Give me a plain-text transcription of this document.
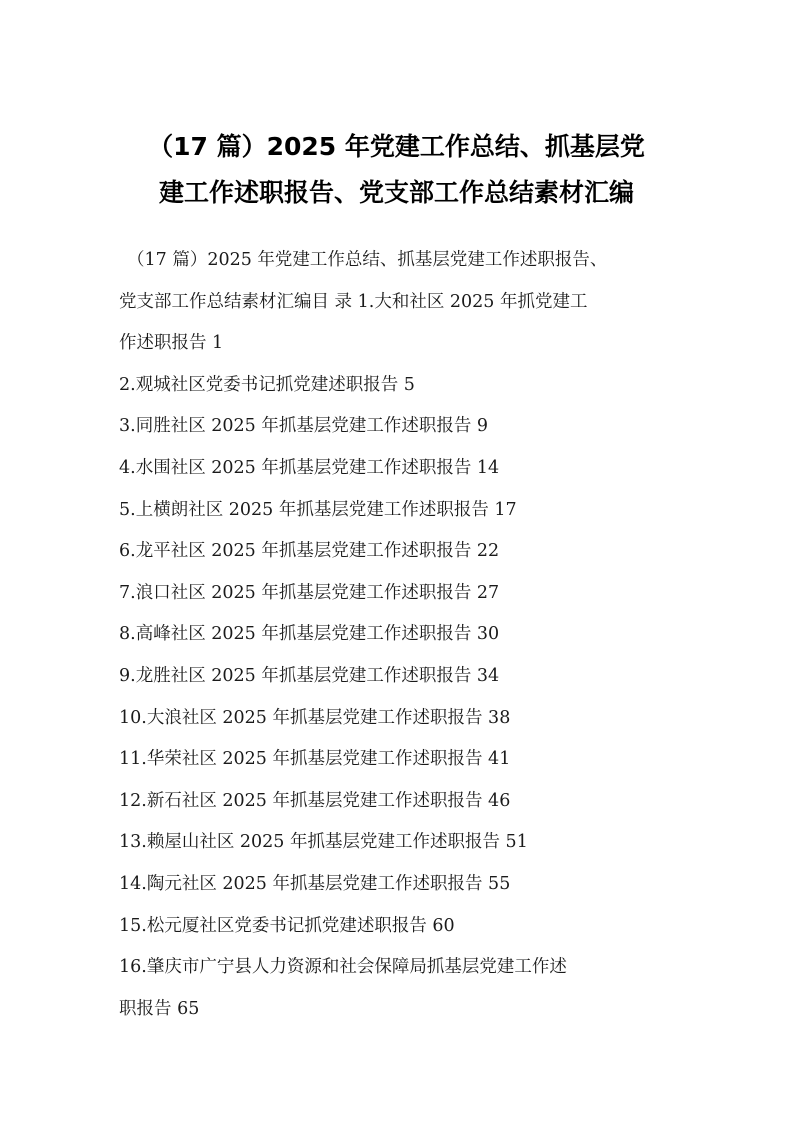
（17 篇）2025 年党建工作总结、抓基层党
建工作述职报告、党支部工作总结素材汇编
（17 篇）2025 年党建工作总结、抓基层党建工作述职报告、
党支部工作总结素材汇编目 录 1.大和社区 2025 年抓党建工
作述职报告 1
2.观城社区党委书记抓党建述职报告 5
3.同胜社区 2025 年抓基层党建工作述职报告 9
4.水围社区 2025 年抓基层党建工作述职报告 14
5.上横朗社区 2025 年抓基层党建工作述职报告 17
6.龙平社区 2025 年抓基层党建工作述职报告 22
7.浪口社区 2025 年抓基层党建工作述职报告 27
8.高峰社区 2025 年抓基层党建工作述职报告 30
9.龙胜社区 2025 年抓基层党建工作述职报告 34
10.大浪社区 2025 年抓基层党建工作述职报告 38
11.华荣社区 2025 年抓基层党建工作述职报告 41
12.新石社区 2025 年抓基层党建工作述职报告 46
13.赖屋山社区 2025 年抓基层党建工作述职报告 51
14.陶元社区 2025 年抓基层党建工作述职报告 55
15.松元厦社区党委书记抓党建述职报告 60
16.肇庆市广宁县人力资源和社会保障局抓基层党建工作述
职报告 65
